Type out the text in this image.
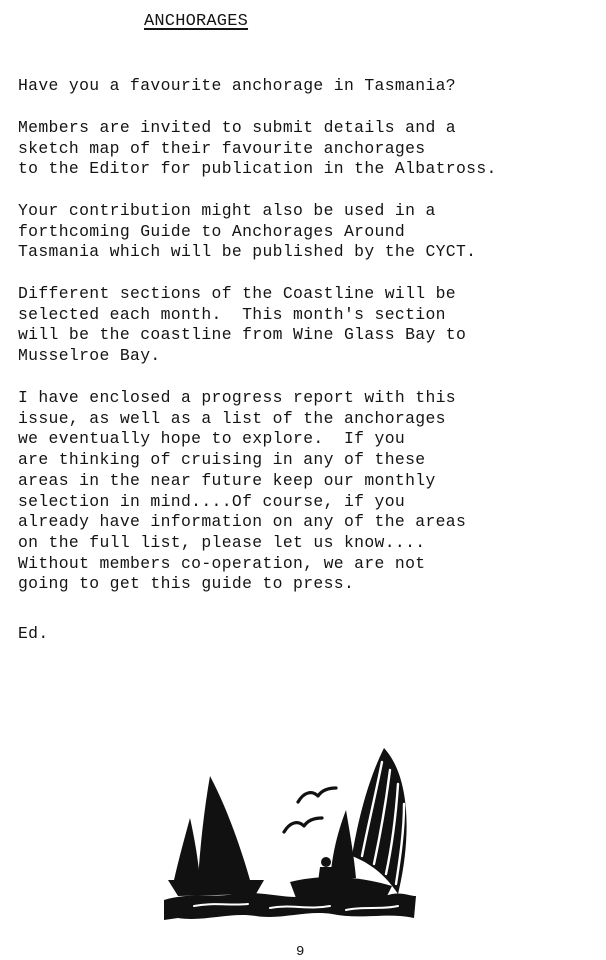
ANCHORAGES

Have you a favourite anchorage in Tasmania?

Members are invited to submit details and a
sketch map of their favourite anchorages
to the Editor for publication in the Albatross.

Your contribution might also be used in a
forthcoming Guide to Anchorages Around
Tasmania which will be published by the CYCT.

Different sections of the Coastline will be
selected each month.  This month's section
will be the coastline from Wine Glass Bay to
Musselroe Bay.

I have enclosed a progress report with this
issue, as well as a list of the anchorages
we eventually hope to explore.  If you
are thinking of cruising in any of these
areas in the near future keep our monthly
selection in mind....Of course, if you
already have information on any of the areas
on the full list, please let us know....
Without members co-operation, we are not
going to get this guide to press.

Ed.

9
